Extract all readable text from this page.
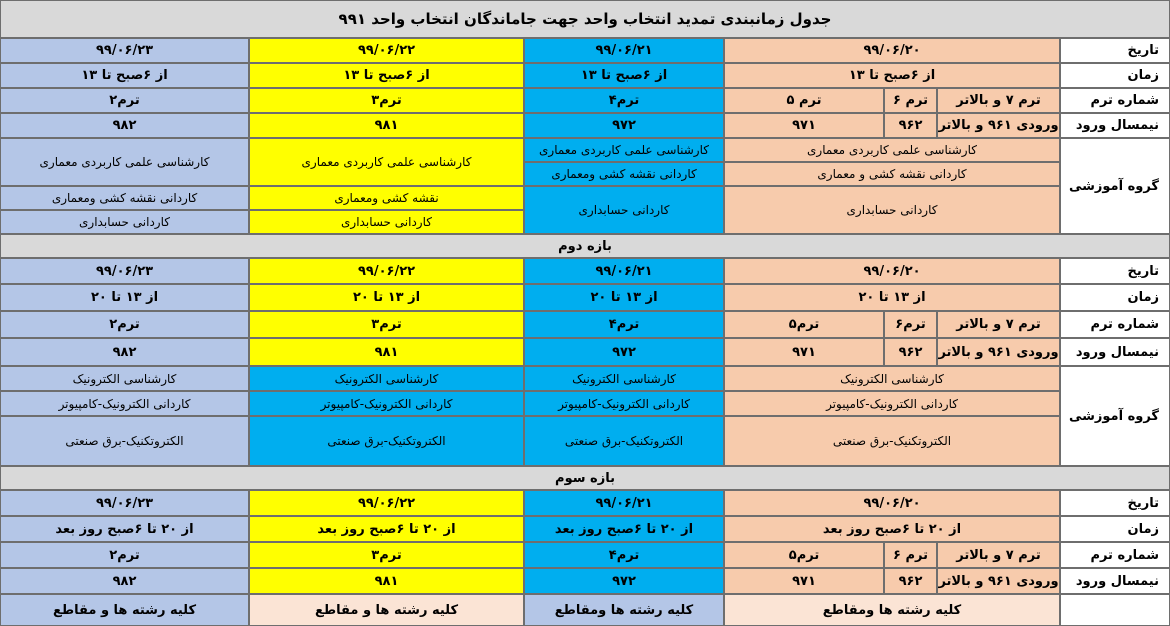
جدول زمانبندی تمدید انتخاب واحد جهت جاماندگان انتخاب واحد ۹۹۱
تاریخ
زمان
شماره ترم
نیمسال ورود
۹۹/۰۶/۲۰
از ۶صبح تا ۱۳
۹۹/۰۶/۲۱
از ۶صبح تا ۱۳
۹۹/۰۶/۲۲
از ۶صبح تا ۱۳
۹۹/۰۶/۲۳
از ۶صبح تا ۱۳
ترم ۷ و بالاتر
ورودی ۹۶۱ و بالاتر
ترم ۶
۹۶۲
ترم ۵
۹۷۱
ترم۴
۹۷۲
ترم۳
۹۸۱
ترم۲
۹۸۲
گروه آموزشی
کارشناسی علمی کاربردی معماری
کاردانی نقشه کشی و معماری
کاردانی حسابداری
کارشناسی علمی کاربردی معماری
کاردانی نقشه کشی ومعماری
کاردانی حسابداری
کارشناسی علمی کاربردی معماری
نقشه کشی ومعماری
کاردانی حسابداری
کارشناسی علمی کاربردی معماری
کاردانی نقشه کشی ومعماری
کاردانی حسابداری
بازه دوم
تاریخ
زمان
شماره ترم
نیمسال ورود
۹۹/۰۶/۲۰
از ۱۳ تا ۲۰
۹۹/۰۶/۲۱
از ۱۳ تا ۲۰
۹۹/۰۶/۲۲
از ۱۳ تا ۲۰
۹۹/۰۶/۲۳
از ۱۳ تا ۲۰
ترم ۷ و بالاتر
ورودی ۹۶۱ و بالاتر
ترم۶
۹۶۲
ترم۵
۹۷۱
ترم۴
۹۷۲
ترم۳
۹۸۱
ترم۲
۹۸۲
گروه آموزشی
کارشناسی الکترونیک
کاردانی الکترونیک-کامپیوتر
الکتروتکنیک-برق صنعتی
کارشناسی الکترونیک
کاردانی الکترونیک-کامپیوتر
الکتروتکنیک-برق صنعتی
کارشناسی الکترونیک
کاردانی الکترونیک-کامپیوتر
الکتروتکنیک-برق صنعتی
کارشناسی الکترونیک
کاردانی الکترونیک-کامپیوتر
الکتروتکنیک-برق صنعتی
بازه سوم
تاریخ
زمان
شماره ترم
نیمسال ورود
۹۹/۰۶/۲۰
از ۲۰ تا ۶صبح روز بعد
۹۹/۰۶/۲۱
از ۲۰ تا ۶صبح روز بعد
۹۹/۰۶/۲۲
از ۲۰ تا ۶صبح روز بعد
۹۹/۰۶/۲۳
از ۲۰ تا ۶صبح روز بعد
ترم ۷ و بالاتر
ورودی ۹۶۱ و بالاتر
ترم ۶
۹۶۲
ترم۵
۹۷۱
ترم۴
۹۷۲
ترم۳
۹۸۱
ترم۲
۹۸۲
کلیه رشته ها ومقاطع
کلیه رشته ها ومقاطع
کلیه رشته ها و مقاطع
کلیه رشته ها و مقاطع
